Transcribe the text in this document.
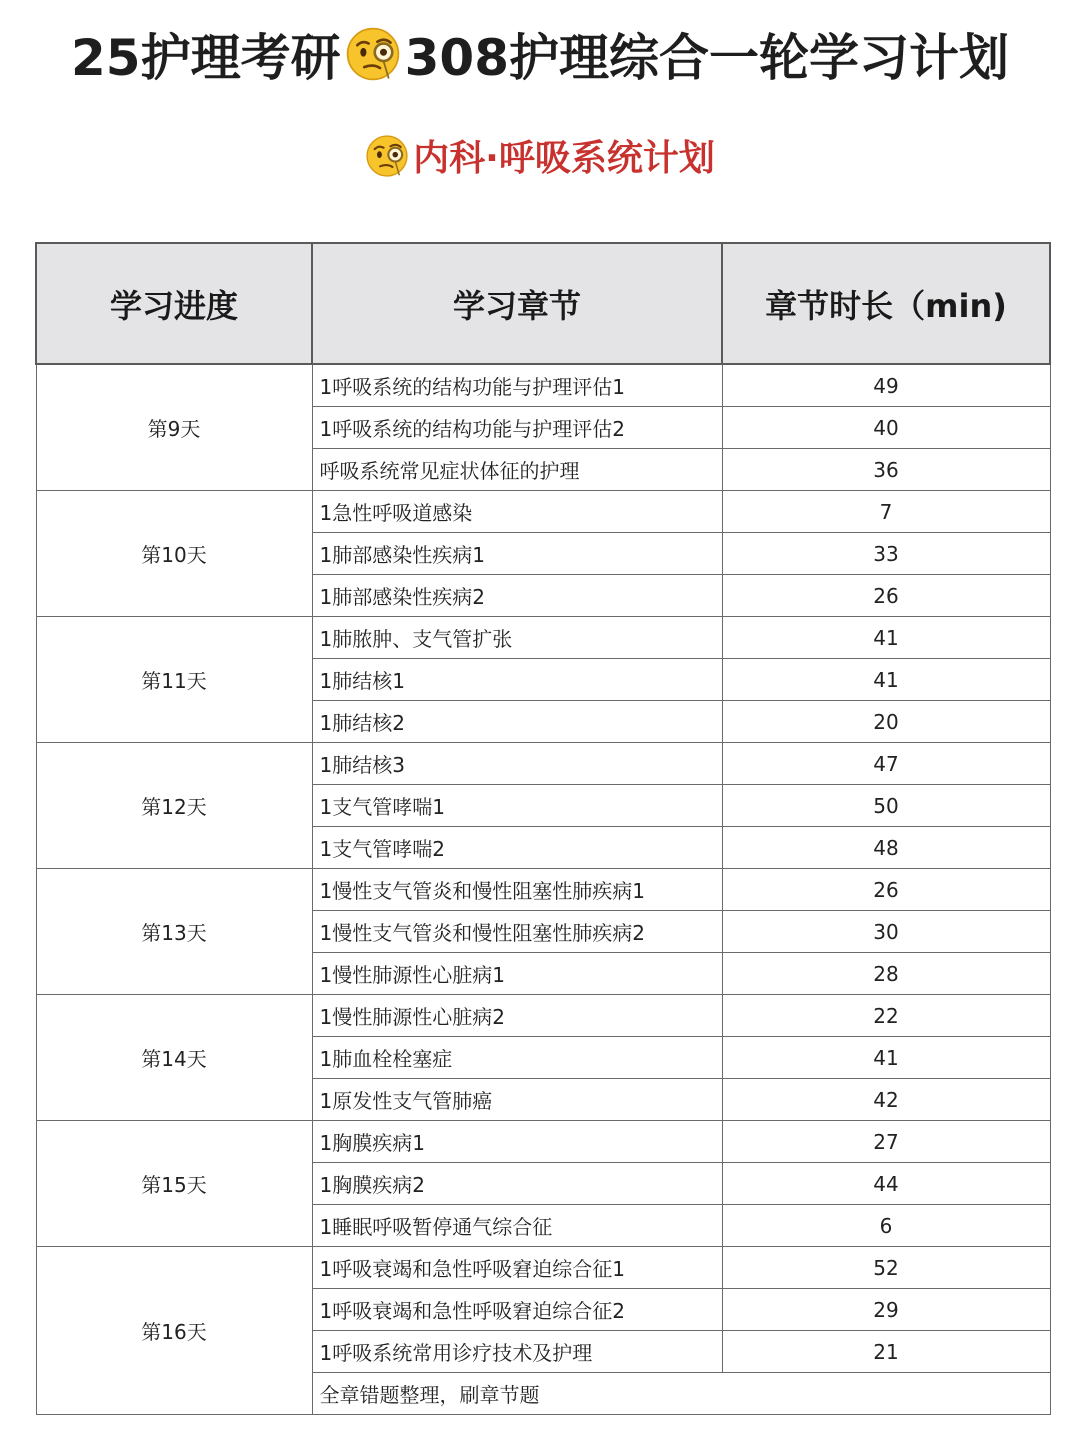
25护理考研 308护理综合一轮学习计划
内科·呼吸系统计划
学习进度	学习章节	章节时长（min)
第9天	1呼吸系统的结构功能与护理评估1	49
	1呼吸系统的结构功能与护理评估2	40
	呼吸系统常见症状体征的护理	36
第10天	1急性呼吸道感染	7
	1肺部感染性疾病1	33
	1肺部感染性疾病2	26
第11天	1肺脓肿、支气管扩张	41
	1肺结核1	41
	1肺结核2	20
第12天	1肺结核3	47
	1支气管哮喘1	50
	1支气管哮喘2	48
第13天	1慢性支气管炎和慢性阻塞性肺疾病1	26
	1慢性支气管炎和慢性阻塞性肺疾病2	30
	1慢性肺源性心脏病1	28
第14天	1慢性肺源性心脏病2	22
	1肺血栓栓塞症	41
	1原发性支气管肺癌	42
第15天	1胸膜疾病1	27
	1胸膜疾病2	44
	1睡眠呼吸暂停通气综合征	6
第16天	1呼吸衰竭和急性呼吸窘迫综合征1	52
	1呼吸衰竭和急性呼吸窘迫综合征2	29
	1呼吸系统常用诊疗技术及护理	21
	全章错题整理，刷章节题	
